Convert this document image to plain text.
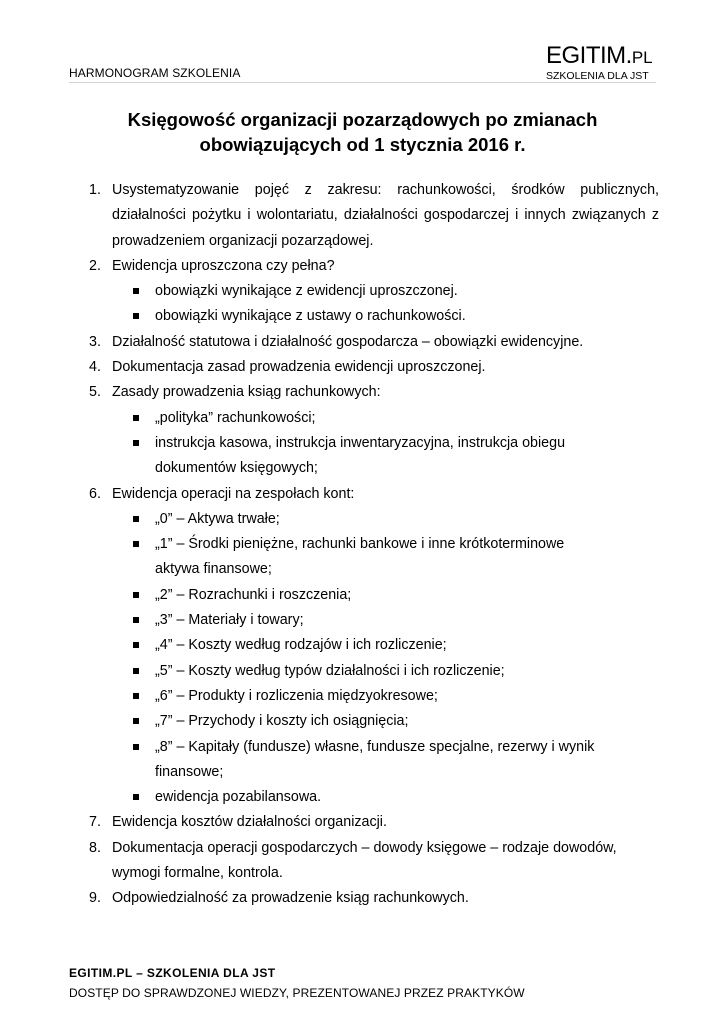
HARMONOGRAM SZKOLENIA
EGITIM.PL
SZKOLENIA DLA JST
Księgowość organizacji pozarządowych po zmianach
obowiązujących od 1 stycznia 2016 r.
1. Usystematyzowanie pojęć z zakresu: rachunkowości, środków publicznych, działalności pożytku i wolontariatu, działalności gospodarczej i innych związanych z prowadzeniem organizacji pozarządowej.
2. Ewidencja uproszczona czy pełna?
obowiązki wynikające z ewidencji uproszczonej.
obowiązki wynikające z ustawy o rachunkowości.
3. Działalność statutowa i działalność gospodarcza – obowiązki ewidencyjne.
4. Dokumentacja zasad prowadzenia ewidencji uproszczonej.
5. Zasady prowadzenia ksiąg rachunkowych:
„polityka” rachunkowości;
instrukcja kasowa, instrukcja inwentaryzacyjna, instrukcja obiegu dokumentów księgowych;
6. Ewidencja operacji na zespołach kont:
„0” – Aktywa trwałe;
„1” – Środki pieniężne, rachunki bankowe i inne krótkoterminowe aktywa finansowe;
„2” – Rozrachunki i roszczenia;
„3” – Materiały i towary;
„4” – Koszty według rodzajów i ich rozliczenie;
„5” – Koszty według typów działalności i ich rozliczenie;
„6” – Produkty i rozliczenia międzyokresowe;
„7” – Przychody i koszty ich osiągnięcia;
„8” – Kapitały (fundusze) własne, fundusze specjalne, rezerwy i wynik finansowe;
ewidencja pozabilansowa.
7. Ewidencja kosztów działalności organizacji.
8. Dokumentacja operacji gospodarczych – dowody księgowe – rodzaje dowodów, wymogi formalne, kontrola.
9. Odpowiedzialność za prowadzenie ksiąg rachunkowych.
EGITIM.PL – SZKOLENIA DLA JST
DOSTĘP DO SPRAWDZONEJ WIEDZY, PREZENTOWANEJ PRZEZ PRAKTYKÓW
